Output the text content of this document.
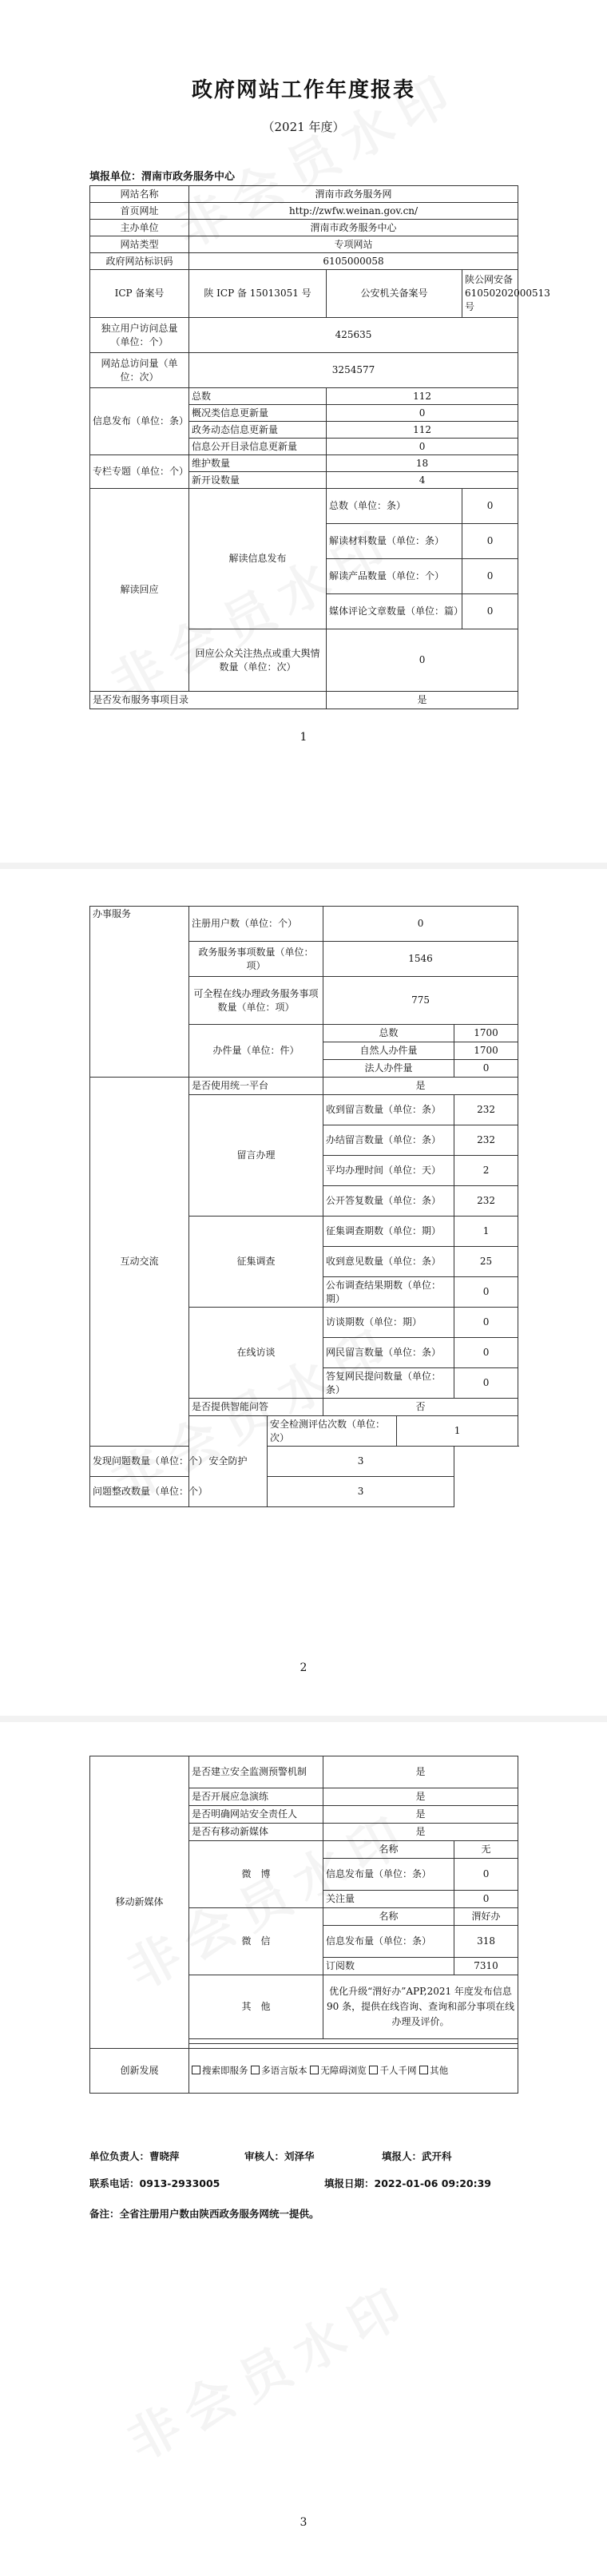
政府网站工作年度报表
（2021 年度）
填报单位：渭南市政务服务中心
网站名称	渭南市政务服务网		
首页网址	http://zwfw.weinan.gov.cn/		
主办单位	渭南市政务服务中心		
网站类型	专项网站		
政府网站标识码	6105000058		
ICP 备案号	陕 ICP 备 15013051 号	公安机关备案号	陕公网安备 61050202000513 号
独立用户访问总量（单位：个）	425635		
网站总访问量（单位：次）	3254577		
信息发布（单位：条）	总数	112	
	概况类信息更新量	0	
	政务动态信息更新量	112	
	信息公开目录信息更新量	0	
专栏专题（单位：个）	维护数量	18	
	新开设数量	4	
解读回应	解读信息发布	总数（单位：条）	0
		解读材料数量（单位：条）	0
		解读产品数量（单位：个）	0
		媒体评论文章数量（单位：篇）	0
	回应公众关注热点或重大舆情数量（单位：次）	0	
是否发布服务事项目录		是	
1
办事服务	注册用户数（单位：个）		0		
	政务服务事项数量（单位：项）		1546		
	可全程在线办理政务服务事项数量（单位：项）		775		
	办件量（单位：件）		总数		1700
			自然人办件量		1700
			法人办件量		0
互动交流	是否使用统一平台		是		
	留言办理		收到留言数量（单位：条）		232
			办结留言数量（单位：条）		232
			平均办理时间（单位：天）		2
			公开答复数量（单位：条）		232
	征集调查		征集调查期数（单位：期）		1
			收到意见数量（单位：条）		25
			公布调查结果期数（单位：期）		0
	在线访谈		访谈期数（单位：期）		0
			网民留言数量（单位：条）		0
			答复网民提问数量（单位：条）		0
	是否提供智能问答		否		
	安全防护	安全检测评估次数（单位：次）		1	
发现问题数量（单位：个）		3			
问题整改数量（单位：个）		3			
2
移动新媒体	是否建立安全监测预警机制	是	
	是否开展应急演练	是	
	是否明确网站安全责任人	是	
	是否有移动新媒体	是	
	微　博	名称	无
		信息发布量（单位：条）	0
		关注量	0
	微　信	名称	渭好办
		信息发布量（单位：条）	318
		订阅数	7310
	其　他	优化升级“渭好办”APP,2021 年度发布信息 90 条，提供在线咨询、查询和部分事项在线办理及评价。	

创新发展	搜索即服务 多语言版本 无障碍浏览 千人千网 其他		
单位负责人：曹晓萍	审核人：刘泽华	填报人：武开科
联系电话：0913-2933005	填报日期：2022-01-06 09:20:39
备注：全省注册用户数由陕西政务服务网统一提供。
3
